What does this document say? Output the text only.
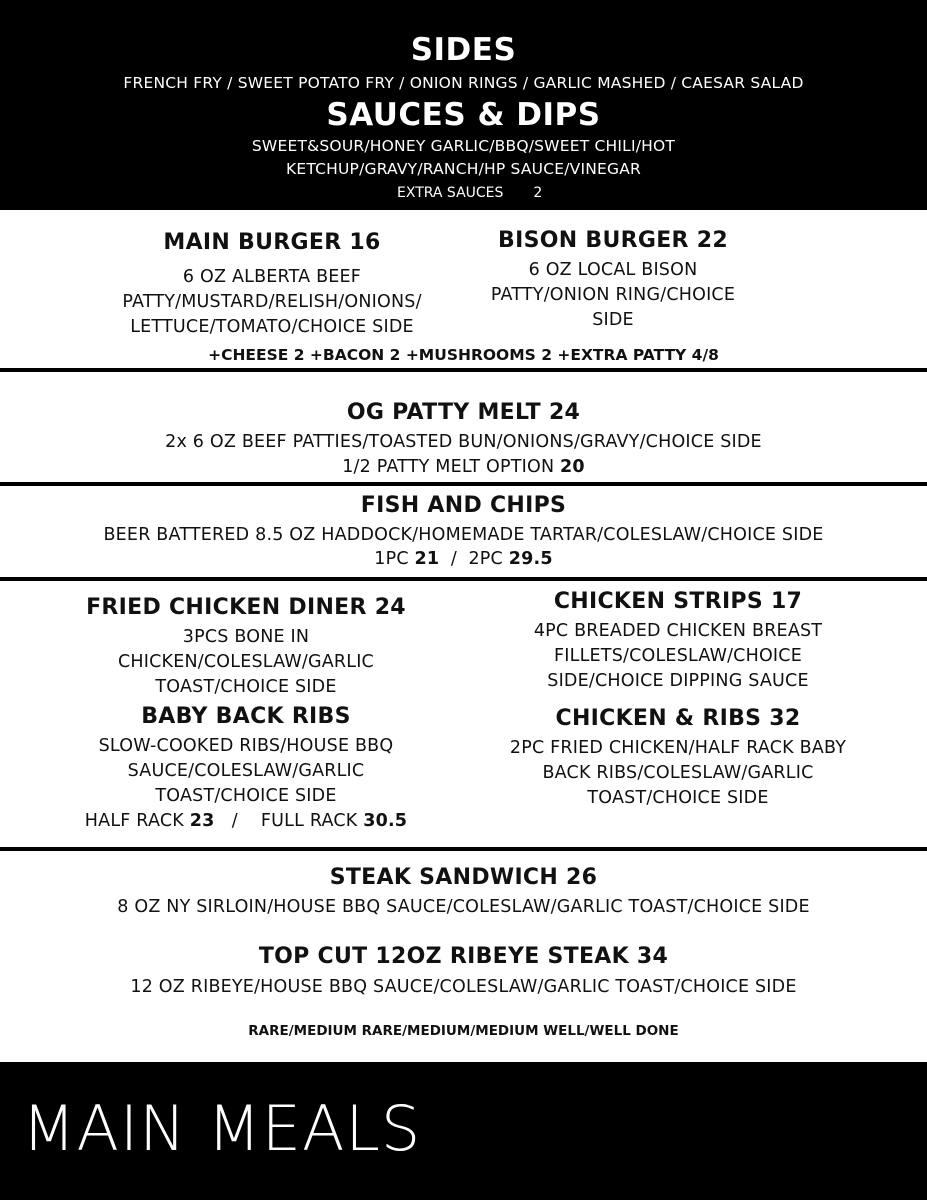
SIDES
FRENCH FRY / SWEET POTATO FRY / ONION RINGS / GARLIC MASHED / CAESAR SALAD
SAUCES & DIPS
SWEET&SOUR/HONEY GARLIC/BBQ/SWEET CHILI/HOT
KETCHUP/GRAVY/RANCH/HP SAUCE/VINEGAR
EXTRA SAUCES 2
MAIN BURGER 16
6 OZ ALBERTA BEEF
PATTY/MUSTARD/RELISH/ONIONS/
LETTUCE/TOMATO/CHOICE SIDE
BISON BURGER 22
6 OZ LOCAL BISON
PATTY/ONION RING/CHOICE
SIDE
+CHEESE 2 +BACON 2 +MUSHROOMS 2 +EXTRA PATTY 4/8
OG PATTY MELT 24
2x 6 OZ BEEF PATTIES/TOASTED BUN/ONIONS/GRAVY/CHOICE SIDE
1/2 PATTY MELT OPTION 20
FISH AND CHIPS
BEER BATTERED 8.5 OZ HADDOCK/HOMEMADE TARTAR/COLESLAW/CHOICE SIDE
1PC 21  /  2PC 29.5
FRIED CHICKEN DINER 24
3PCS BONE IN
CHICKEN/COLESLAW/GARLIC
TOAST/CHOICE SIDE
BABY BACK RIBS
SLOW-COOKED RIBS/HOUSE BBQ
SAUCE/COLESLAW/GARLIC
TOAST/CHOICE SIDE
HALF RACK 23   /    FULL RACK 30.5
CHICKEN STRIPS 17
4PC BREADED CHICKEN BREAST
FILLETS/COLESLAW/CHOICE
SIDE/CHOICE DIPPING SAUCE
CHICKEN & RIBS 32
2PC FRIED CHICKEN/HALF RACK BABY
BACK RIBS/COLESLAW/GARLIC
TOAST/CHOICE SIDE
STEAK SANDWICH 26
8 OZ NY SIRLOIN/HOUSE BBQ SAUCE/COLESLAW/GARLIC TOAST/CHOICE SIDE
TOP CUT 12OZ RIBEYE STEAK 34
12 OZ RIBEYE/HOUSE BBQ SAUCE/COLESLAW/GARLIC TOAST/CHOICE SIDE
RARE/MEDIUM RARE/MEDIUM/MEDIUM WELL/WELL DONE
MAIN MEALS
